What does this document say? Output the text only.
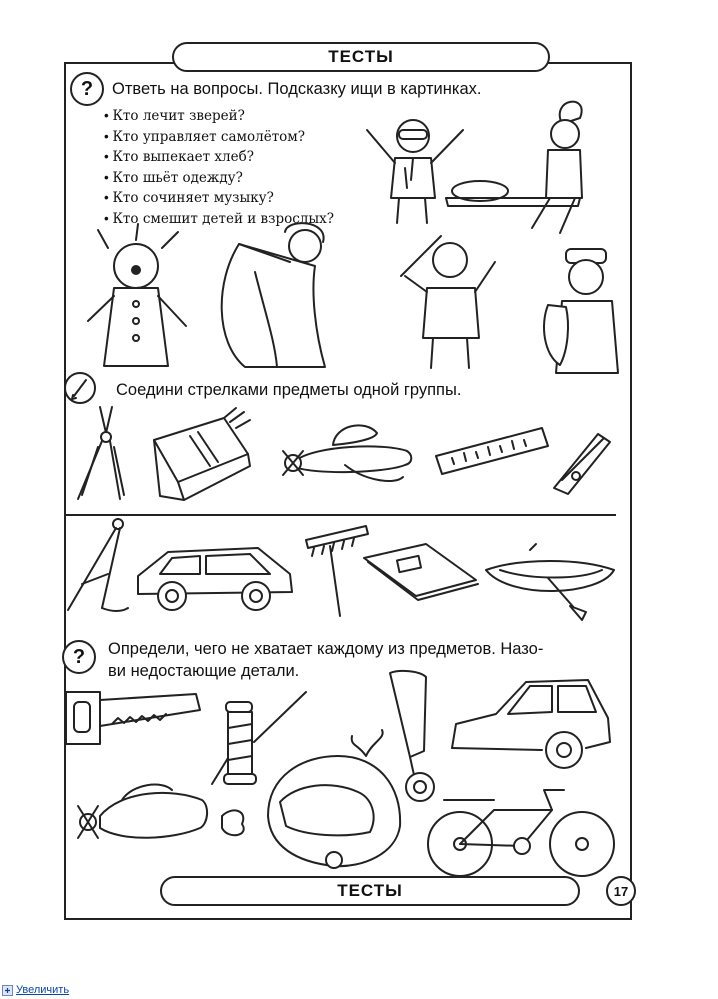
ТЕСТЫ
?	Ответь на вопросы. Подсказку ищи в картинках.
• Кто лечит зверей?
• Кто управляет самолётом?
• Кто выпекает хлеб?
• Кто шьёт одежду?
• Кто сочиняет музыку?
• Кто смешит детей и взрослых?
Соедини стрелками предметы одной группы.
?	Определи, чего не хватает каждому из предметов. Назо-
ви недостающие детали.
ТЕСТЫ	17
Увеличить
